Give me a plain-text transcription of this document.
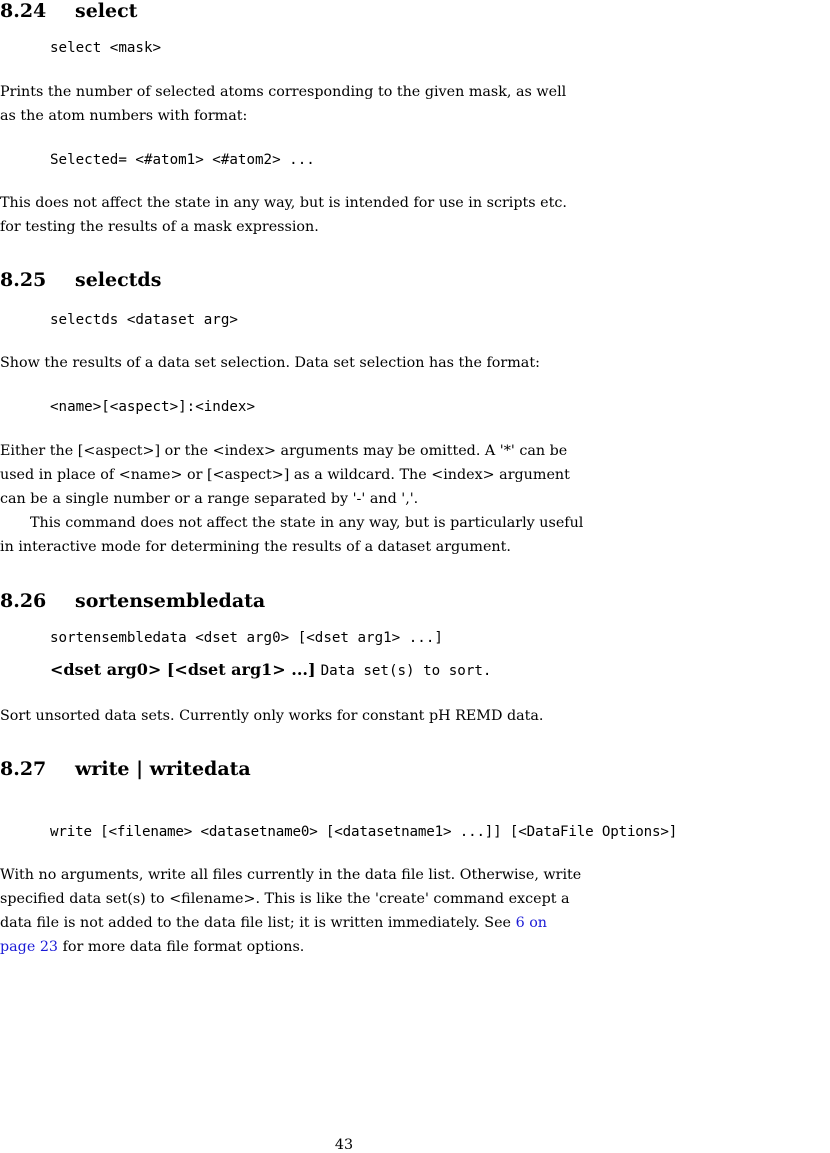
8.24 select
select <mask>
Prints the number of selected atoms corresponding to the given mask, as well
as the atom numbers with format:
Selected= <#atom1> <#atom2> ...
This does not affect the state in any way, but is intended for use in scripts etc.
for testing the results of a mask expression.
8.25 selectds
selectds <dataset arg>
Show the results of a data set selection. Data set selection has the format:
<name>[<aspect>]:<index>
Either the [<aspect>] or the <index> arguments may be omitted. A '*' can be
used in place of <name> or [<aspect>] as a wildcard. The <index> argument
can be a single number or a range separated by '-' and ','.
This command does not affect the state in any way, but is particularly useful
in interactive mode for determining the results of a dataset argument.
8.26 sortensembledata
sortensembledata <dset arg0> [<dset arg1> ...]
<dset arg0> [<dset arg1> ...] Data set(s) to sort.
Sort unsorted data sets. Currently only works for constant pH REMD data.
8.27 write | writedata
write [<filename> <datasetname0> [<datasetname1> ...]] [<DataFile Options>]
With no arguments, write all files currently in the data file list. Otherwise, write
specified data set(s) to <filename>. This is like the 'create' command except a
data file is not added to the data file list; it is written immediately. See 6 on
page 23 for more data file format options.
43
